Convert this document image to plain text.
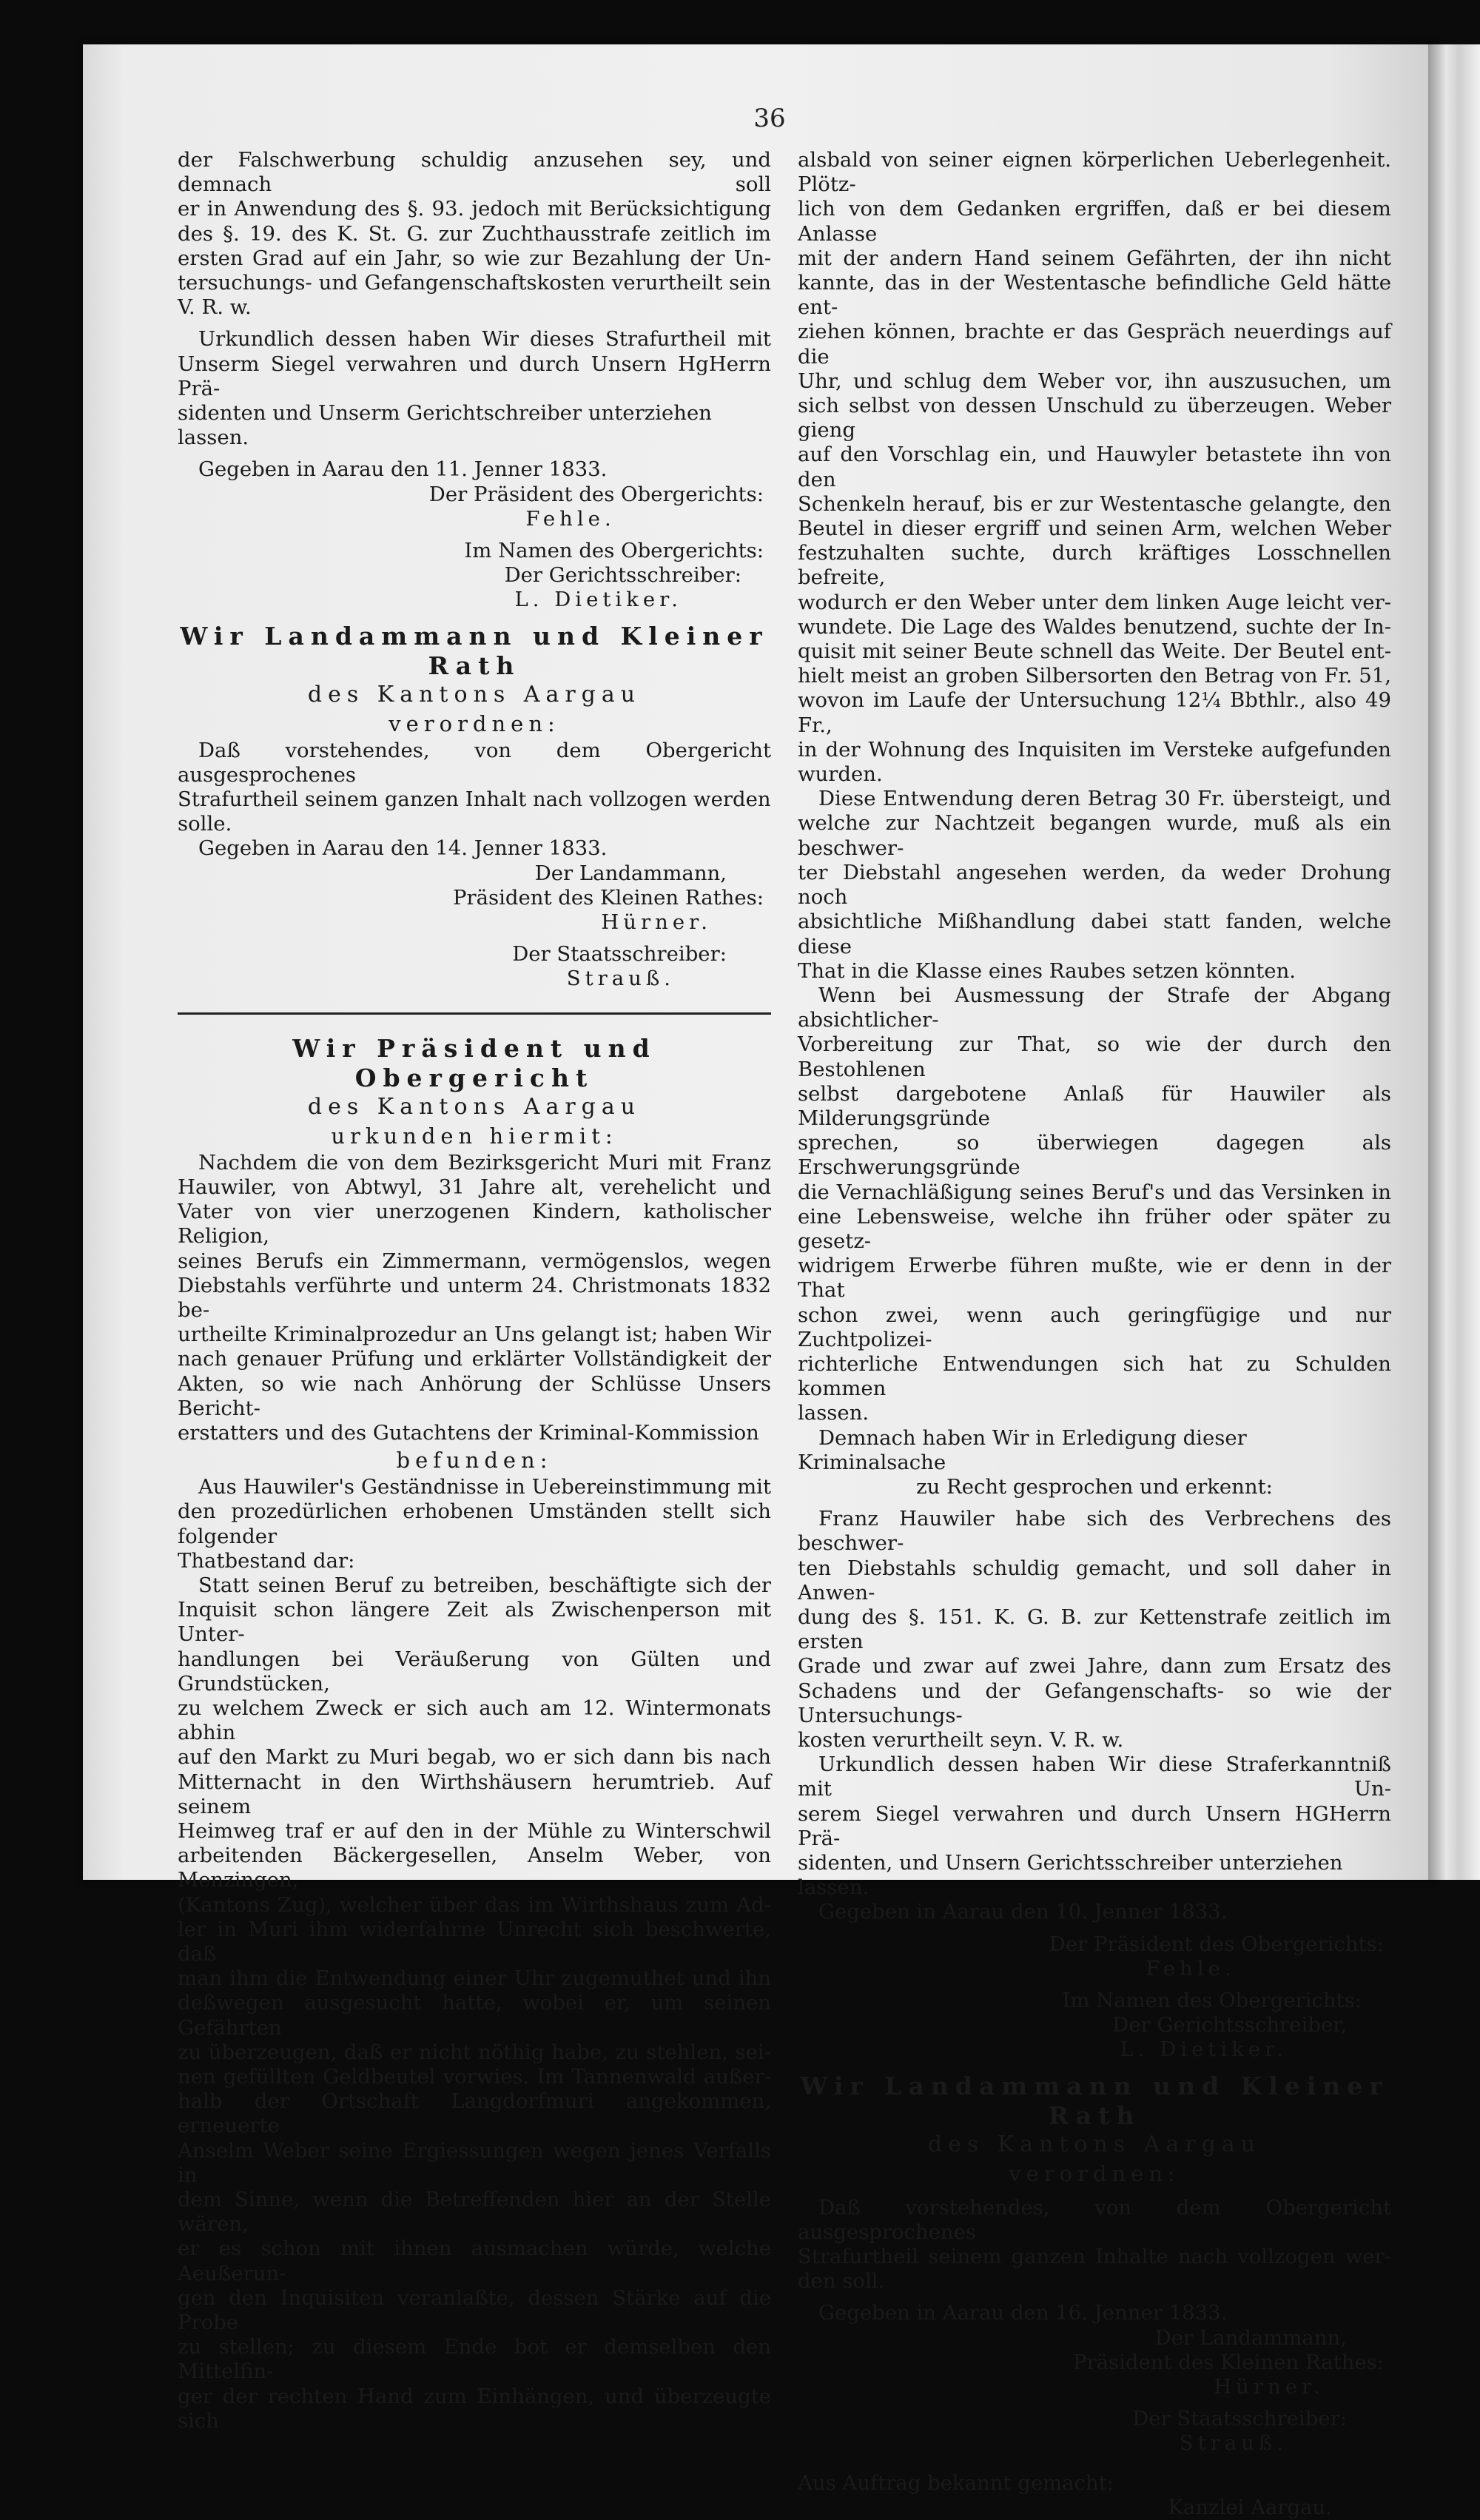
36
der Falschwerbung schuldig anzusehen sey, und demnach soll
er in Anwendung des §. 93. jedoch mit Berücksichtigung
des §. 19. des K. St. G. zur Zuchthausstrafe zeitlich im
ersten Grad auf ein Jahr, so wie zur Bezahlung der Un-
tersuchungs- und Gefangenschaftskosten verurtheilt sein
V. R. w.
Urkundlich dessen haben Wir dieses Strafurtheil mit
Unserm Siegel verwahren und durch Unsern HgHerrn Prä-
sidenten und Unserm Gerichtschreiber unterziehen lassen.
Gegeben in Aarau den 11. Jenner 1833.
Der Präsident des Obergerichts:
Fehle.
Im Namen des Obergerichts:
Der Gerichtsschreiber:
L. Dietiker.
Wir Landammann und Kleiner Rath
des Kantons Aargau
verordnen:
Daß vorstehendes, von dem Obergericht ausgesprochenes
Strafurtheil seinem ganzen Inhalt nach vollzogen werden solle.
Gegeben in Aarau den 14. Jenner 1833.
Der Landammann,
Präsident des Kleinen Rathes:
Hürner.
Der Staatsschreiber:
Strauß.
Wir Präsident und Obergericht
des Kantons Aargau
urkunden hiermit:
Nachdem die von dem Bezirksgericht Muri mit Franz
Hauwiler, von Abtwyl, 31 Jahre alt, verehelicht und
Vater von vier unerzogenen Kindern, katholischer Religion,
seines Berufs ein Zimmermann, vermögenslos, wegen
Diebstahls verführte und unterm 24. Christmonats 1832 be-
urtheilte Kriminalprozedur an Uns gelangt ist; haben Wir
nach genauer Prüfung und erklärter Vollständigkeit der
Akten, so wie nach Anhörung der Schlüsse Unsers Bericht-
erstatters und des Gutachtens der Kriminal-Kommission
befunden:
Aus Hauwiler's Geständnisse in Uebereinstimmung mit
den prozedürlichen erhobenen Umständen stellt sich folgender
Thatbestand dar:
Statt seinen Beruf zu betreiben, beschäftigte sich der
Inquisit schon längere Zeit als Zwischenperson mit Unter-
handlungen bei Veräußerung von Gülten und Grundstücken,
zu welchem Zweck er sich auch am 12. Wintermonats abhin
auf den Markt zu Muri begab, wo er sich dann bis nach
Mitternacht in den Wirthshäusern herumtrieb. Auf seinem
Heimweg traf er auf den in der Mühle zu Winterschwil
arbeitenden Bäckergesellen, Anselm Weber, von Menzingen,
(Kantons Zug), welcher über das im Wirthshaus zum Ad-
ler in Muri ihm widerfahrne Unrecht sich beschwerte, daß
man ihm die Entwendung einer Uhr zugemuthet und ihn
deßwegen ausgesucht hatte, wobei er, um seinen Gefährten
zu überzeugen, daß er nicht nöthig habe, zu stehlen, sei-
nen gefüllten Geldbeutel vorwies. Im Tannenwald außer-
halb der Ortschaft Langdorfmuri angekommen, erneuerte
Anselm Weber seine Ergiessungen wegen jenes Verfalls in
dem Sinne, wenn die Betreffenden hier an der Stelle wären,
er es schon mit ihnen ausmachen würde, welche Aeußerun-
gen den Inquisiten veranlaßte, dessen Stärke auf die Probe
zu stellen; zu diesem Ende bot er demselben den Mittelfin-
ger der rechten Hand zum Einhängen, und überzeugte sich
alsbald von seiner eignen körperlichen Ueberlegenheit. Plötz-
lich von dem Gedanken ergriffen, daß er bei diesem Anlasse
mit der andern Hand seinem Gefährten, der ihn nicht
kannte, das in der Westentasche befindliche Geld hätte ent-
ziehen können, brachte er das Gespräch neuerdings auf die
Uhr, und schlug dem Weber vor, ihn auszusuchen, um
sich selbst von dessen Unschuld zu überzeugen. Weber gieng
auf den Vorschlag ein, und Hauwyler betastete ihn von den
Schenkeln herauf, bis er zur Westentasche gelangte, den
Beutel in dieser ergriff und seinen Arm, welchen Weber
festzuhalten suchte, durch kräftiges Losschnellen befreite,
wodurch er den Weber unter dem linken Auge leicht ver-
wundete. Die Lage des Waldes benutzend, suchte der In-
quisit mit seiner Beute schnell das Weite. Der Beutel ent-
hielt meist an groben Silbersorten den Betrag von Fr. 51,
wovon im Laufe der Untersuchung 12¼ Bbthlr., also 49 Fr.,
in der Wohnung des Inquisiten im Versteke aufgefunden
wurden.
Diese Entwendung deren Betrag 30 Fr. übersteigt, und
welche zur Nachtzeit begangen wurde, muß als ein beschwer-
ter Diebstahl angesehen werden, da weder Drohung noch
absichtliche Mißhandlung dabei statt fanden, welche diese
That in die Klasse eines Raubes setzen könnten.
Wenn bei Ausmessung der Strafe der Abgang absichtlicher-
Vorbereitung zur That, so wie der durch den Bestohlenen
selbst dargebotene Anlaß für Hauwiler als Milderungsgründe
sprechen, so überwiegen dagegen als Erschwerungsgründe
die Vernachläßigung seines Beruf's und das Versinken in
eine Lebensweise, welche ihn früher oder später zu gesetz-
widrigem Erwerbe führen mußte, wie er denn in der That
schon zwei, wenn auch geringfügige und nur Zuchtpolizei-
richterliche Entwendungen sich hat zu Schulden kommen
lassen.
Demnach haben Wir in Erledigung dieser Kriminalsache
zu Recht gesprochen und erkennt:
Franz Hauwiler habe sich des Verbrechens des beschwer-
ten Diebstahls schuldig gemacht, und soll daher in Anwen-
dung des §. 151. K. G. B. zur Kettenstrafe zeitlich im ersten
Grade und zwar auf zwei Jahre, dann zum Ersatz des
Schadens und der Gefangenschafts- so wie der Untersuchungs-
kosten verurtheilt seyn. V. R. w.
Urkundlich dessen haben Wir diese Straferkanntniß mit Un-
serem Siegel verwahren und durch Unsern HGHerrn Prä-
sidenten, und Unsern Gerichtsschreiber unterziehen lassen.
Gegeben in Aarau den 10. Jenner 1833.
Der Präsident des Obergerichts:
Fehle.
Im Namen des Obergerichts:
Der Gerichtsschreiber,
L. Dietiker.
Wir Landammann und Kleiner Rath
des Kantons Aargau
verordnen:
Daß vorstehendes, von dem Obergericht ausgesprochenes
Strafurtheil seinem ganzen Inhalte nach vollzogen wer-
den soll.
Gegeben in Aarau den 16. Jenner 1833.
Der Landammann,
Präsident des Kleinen Rathes:
Hürner.
Der Staatsschreiber:
Strauß.
Aus Auftrag bekannt gemacht:
Kanzlei Aargau.
